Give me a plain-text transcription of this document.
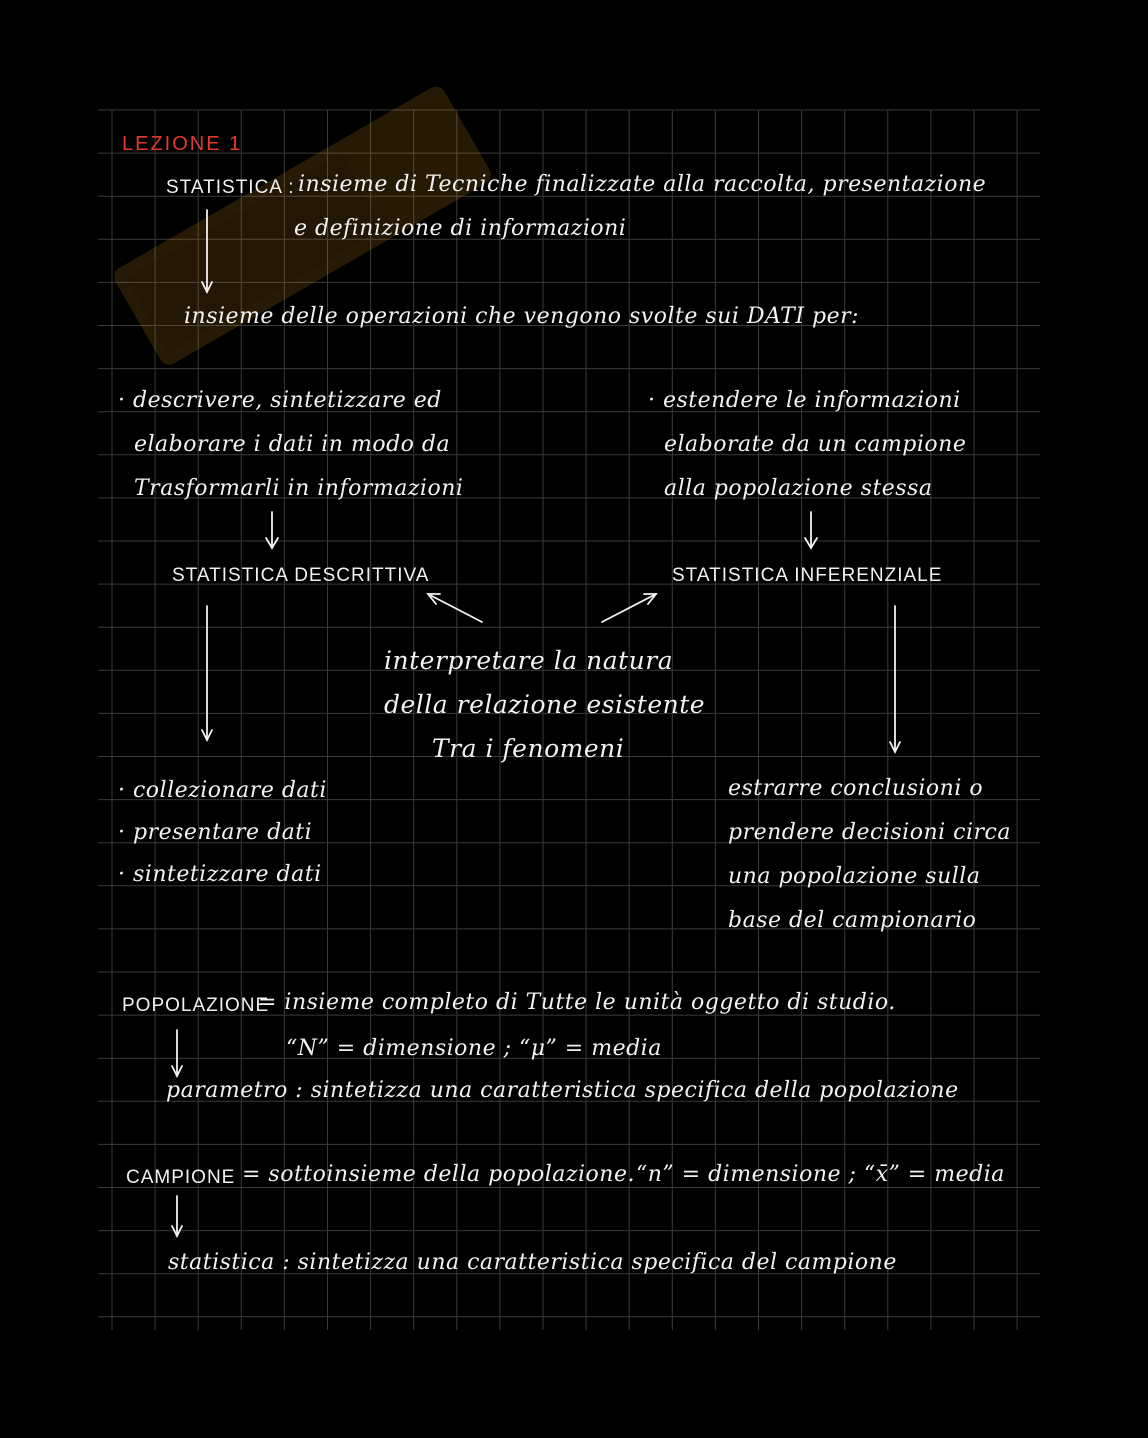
LEZIONE 1
STATISTICA : insieme di Tecniche finalizzate alla raccolta, presentazione
e definizione di informazioni
insieme delle operazioni che vengono svolte sui DATI per:
· descrivere, sintetizzare ed
elaborare i dati in modo da
Trasformarli in informazioni
· estendere le informazioni
elaborate da un campione
alla popolazione stessa
STATISTICA DESCRITTIVA	STATISTICA INFERENZIALE
interpretare la natura
della relazione esistente
Tra i fenomeni
· collezionare dati
· presentare dati
· sintetizzare dati
estrarre conclusioni o
prendere decisioni circa
una popolazione sulla
base del campionario
POPOLAZIONE
= insieme completo di Tutte le unità oggetto di studio.
“N” = dimensione ; “μ” = media
parametro : sintetizza una caratteristica specifica della popolazione
CAMPIONE = sottoinsieme della popolazione. “n” = dimensione ; “x̄” = media
statistica : sintetizza una caratteristica specifica del campione
